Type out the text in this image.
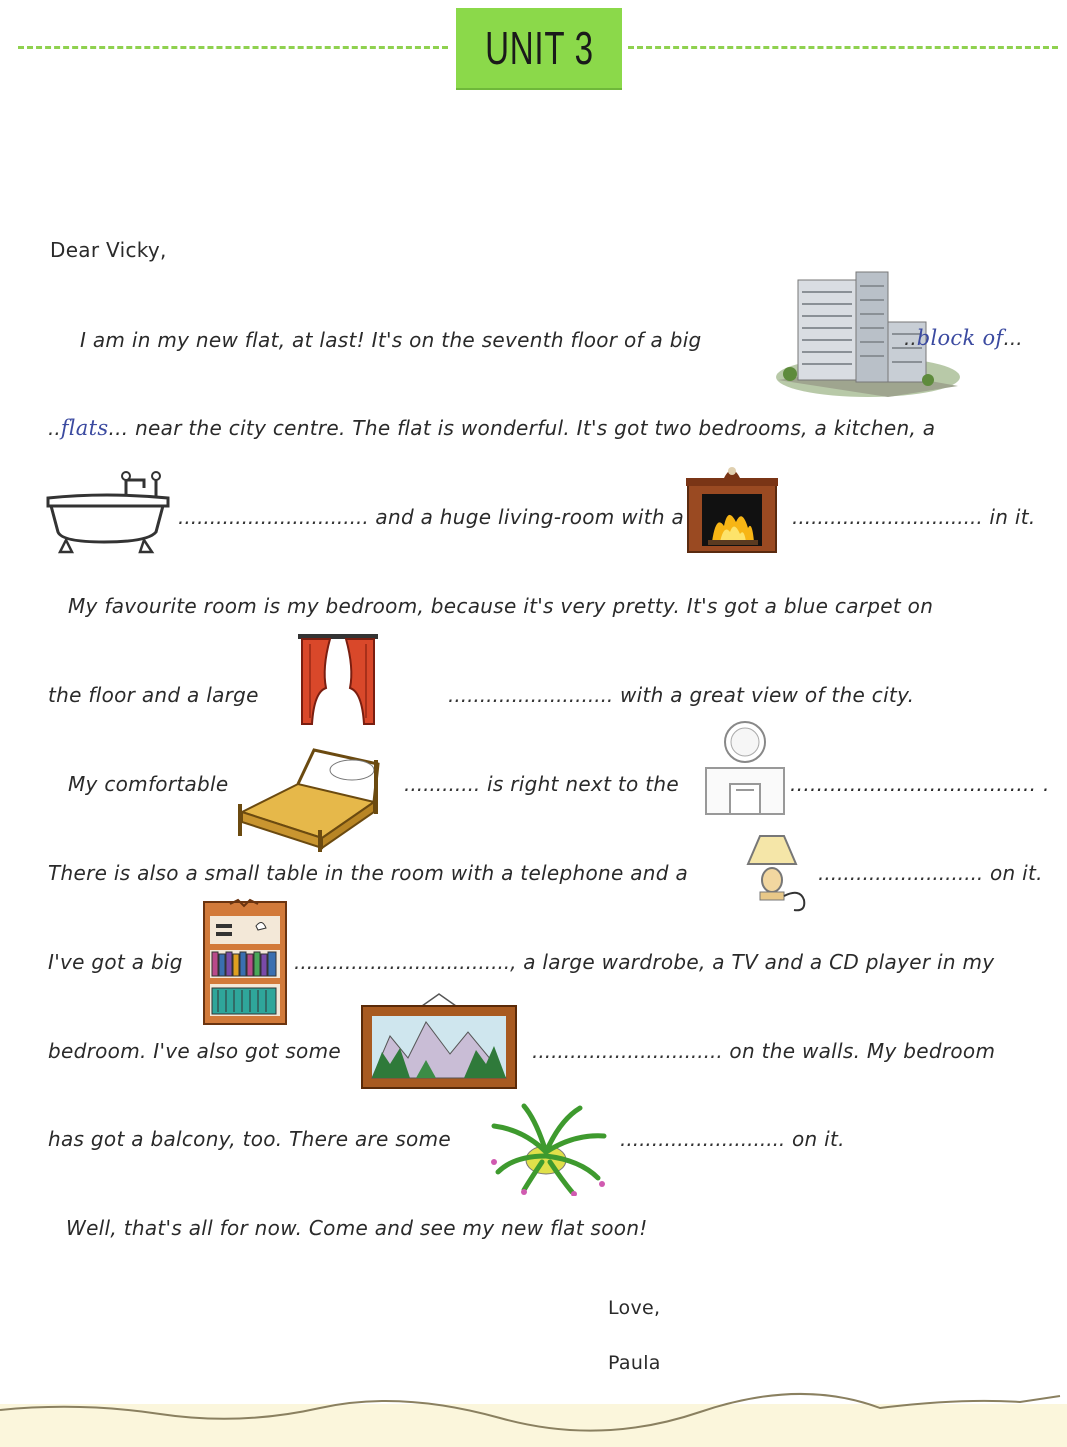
UNIT 3
Dear Vicky,
I am in my new flat, at last! It's on the seventh floor of a big	..block of...
..flats... near the city centre. The flat is wonderful. It's got two bedrooms, a kitchen, a
.............................. and a huge living-room with a	.............................. in it.
My favourite room is my bedroom, because it's very pretty. It's got a blue carpet on
the floor and a large	.......................... with a great view of the city.
My comfortable	............ is right next to the	..................................... .
There is also a small table in the room with a telephone and a	.......................... on it.
I've got a big	.................................., a large wardrobe, a TV and a CD player in my
bedroom. I've also got some	.............................. on the walls. My bedroom
has got a balcony, too. There are some	.......................... on it.
Well, that's all for now. Come and see my new flat soon!
Love,
Paula
